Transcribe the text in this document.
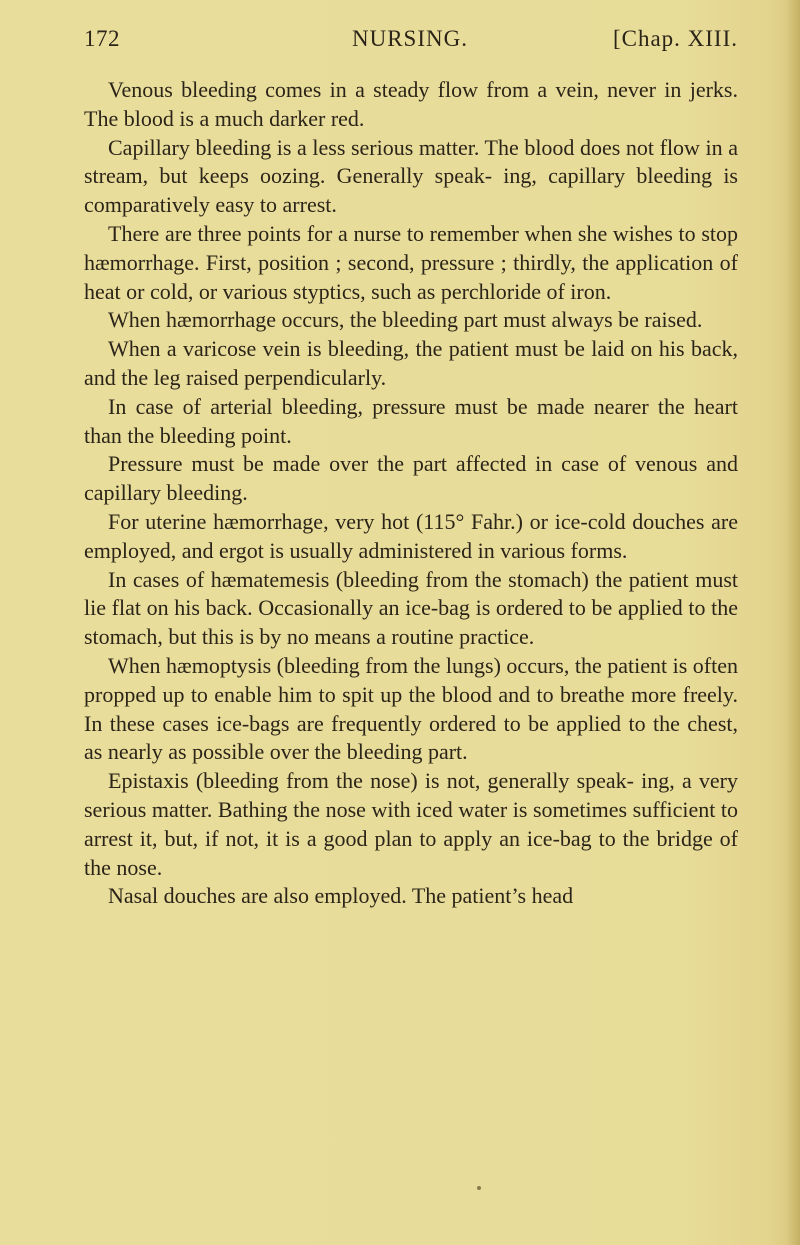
172	NURSING.	[Chap. XIII.

Venous bleeding comes in a steady flow from a vein, never in jerks. The blood is a much darker red.

Capillary bleeding is a less serious matter. The blood does not flow in a stream, but keeps oozing. Generally speak- ing, capillary bleeding is comparatively easy to arrest.

There are three points for a nurse to remember when she wishes to stop hæmorrhage. First, position ; second, pressure ; thirdly, the application of heat or cold, or various styptics, such as perchloride of iron.

When hæmorrhage occurs, the bleeding part must always be raised.

When a varicose vein is bleeding, the patient must be laid on his back, and the leg raised perpendicularly.

In case of arterial bleeding, pressure must be made nearer the heart than the bleeding point.

Pressure must be made over the part affected in case of venous and capillary bleeding.

For uterine hæmorrhage, very hot (115° Fahr.) or ice-cold douches are employed, and ergot is usually administered in various forms.

In cases of hæmatemesis (bleeding from the stomach) the patient must lie flat on his back. Occasionally an ice-bag is ordered to be applied to the stomach, but this is by no means a routine practice.

When hæmoptysis (bleeding from the lungs) occurs, the patient is often propped up to enable him to spit up the blood and to breathe more freely. In these cases ice-bags are frequently ordered to be applied to the chest, as nearly as possible over the bleeding part.

Epistaxis (bleeding from the nose) is not, generally speak- ing, a very serious matter. Bathing the nose with iced water is sometimes sufficient to arrest it, but, if not, it is a good plan to apply an ice-bag to the bridge of the nose.

Nasal douches are also employed. The patient’s head
